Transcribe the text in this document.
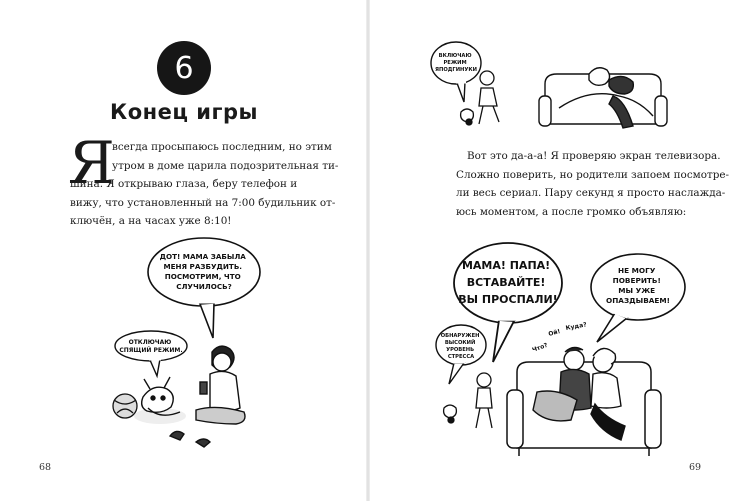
6
Конец игры
Я
всегда просыпаюсь последним, но этим
утром в доме царила подозрительная ти-
шина. Я открываю глаза, беру телефон и
вижу, что установленный на 7:00 будильник от-
ключён, а на часах уже 8:10!
ДОТ! МАМА ЗАБЫЛА МЕНЯ РАЗБУДИТЬ. ПОСМОТРИМ, ЧТО СЛУЧИЛОСЬ?
ОТКЛЮЧАЮ СПЯЩИЙ РЕЖИМ.
68
ВКЛЮЧАЮ РЕЖИМ ЯПОДГИНУКИ
Вот это да-а-а! Я проверяю экран телевизора.
Сложно поверить, но родители запоем посмотре-
ли весь сериал. Пару секунд я просто наслажда-
юсь моментом, а после громко объявляю:
МАМА! ПАПА! ВСТАВАЙТЕ! ВЫ ПРОСПАЛИ!
НЕ МОГУ ПОВЕРИТЬ! МЫ УЖЕ ОПАЗДЫВАЕМ!
ОБНАРУЖЕН ВЫСОКИЙ УРОВЕНЬ СТРЕССА
Что?
Ой!
Куда?
69
